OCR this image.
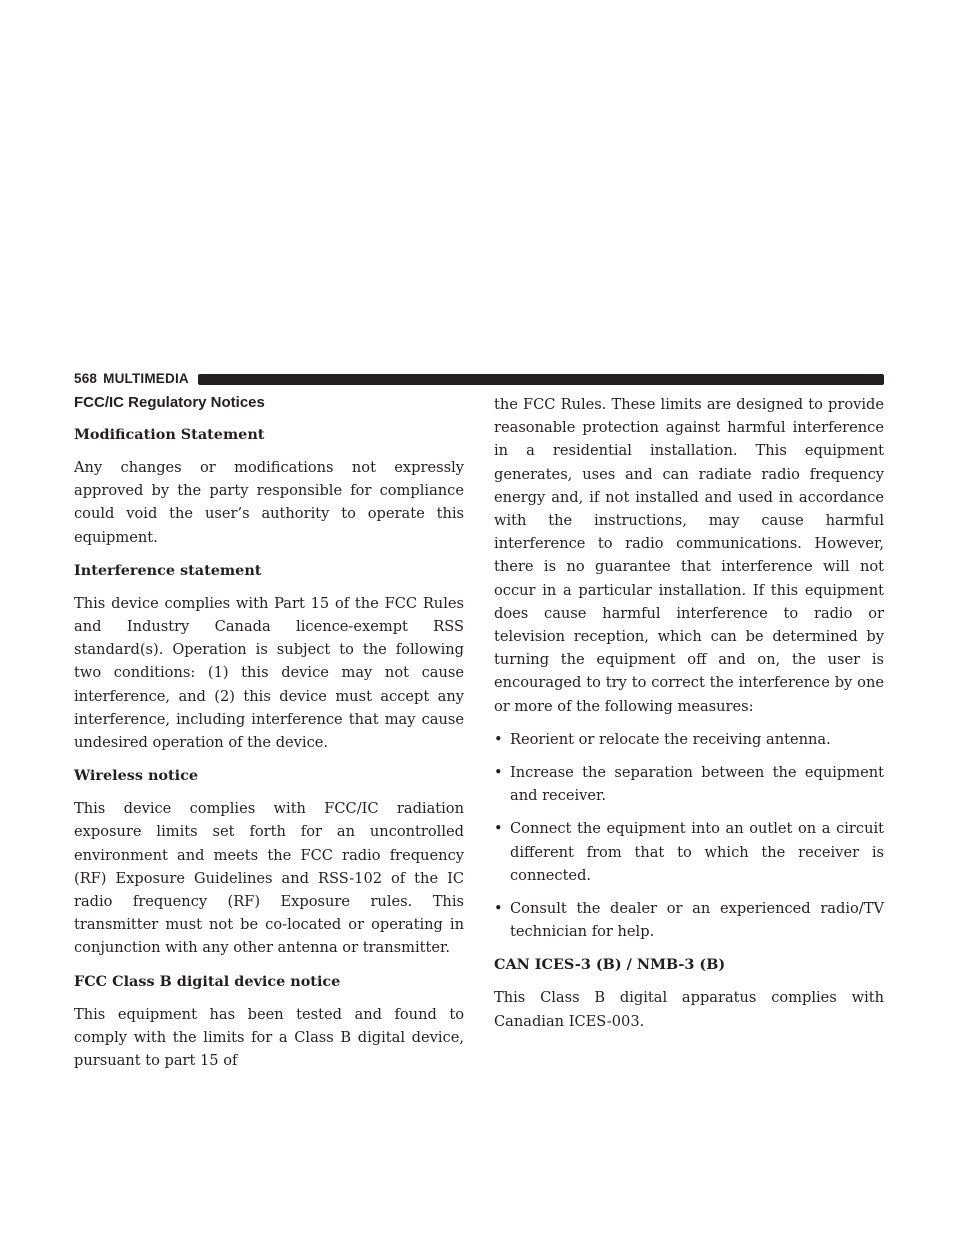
568 MULTIMEDIA
FCC/IC Regulatory Notices
Modification Statement

Any changes or modifications not expressly approved by the party responsible for compliance could void the user’s authority to operate this equipment.

Interference statement

This device complies with Part 15 of the FCC Rules and Industry Canada licence-exempt RSS standard(s). Operation is subject to the following two conditions: (1) this device may not cause interference, and (2) this device must accept any interference, including interference that may cause undesired operation of the device.

Wireless notice

This device complies with FCC/IC radiation exposure limits set forth for an uncontrolled environment and meets the FCC radio frequency (RF) Exposure Guidelines and RSS-102 of the IC radio frequency (RF) Exposure rules. This transmitter must not be co-located or operating in conjunction with any other antenna or transmitter.

FCC Class B digital device notice

This equipment has been tested and found to comply with the limits for a Class B digital device, pursuant to part 15 of

the FCC Rules. These limits are designed to provide reasonable protection against harmful interference in a residential installation. This equipment generates, uses and can radiate radio frequency energy and, if not installed and used in accordance with the instructions, may cause harmful interference to radio communications. However, there is no guarantee that interference will not occur in a particular installation. If this equipment does cause harmful interference to radio or television reception, which can be determined by turning the equipment off and on, the user is encouraged to try to correct the interference by one or more of the following measures:

• Reorient or relocate the receiving antenna.
• Increase the separation between the equipment and receiver.
• Connect the equipment into an outlet on a circuit different from that to which the receiver is connected.
• Consult the dealer or an experienced radio/TV technician for help.
CAN ICES-3 (B) / NMB-3 (B)

This Class B digital apparatus complies with Canadian ICES-003.
